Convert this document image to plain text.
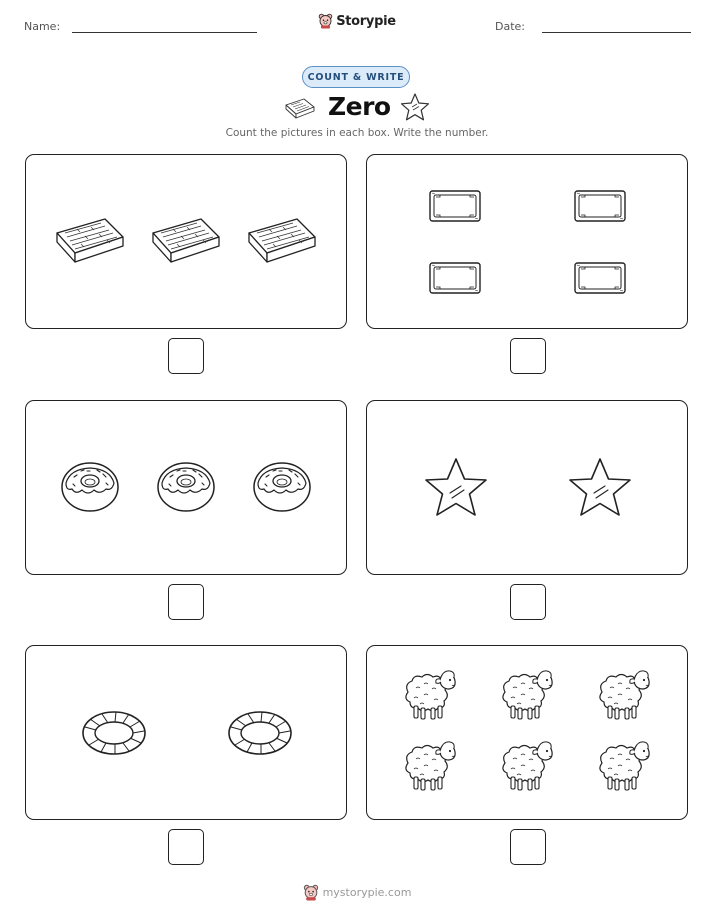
Name:	Storypie	Date:
COUNT & WRITE
Zero
Count the pictures in each box. Write the number.
mystorypie.com
